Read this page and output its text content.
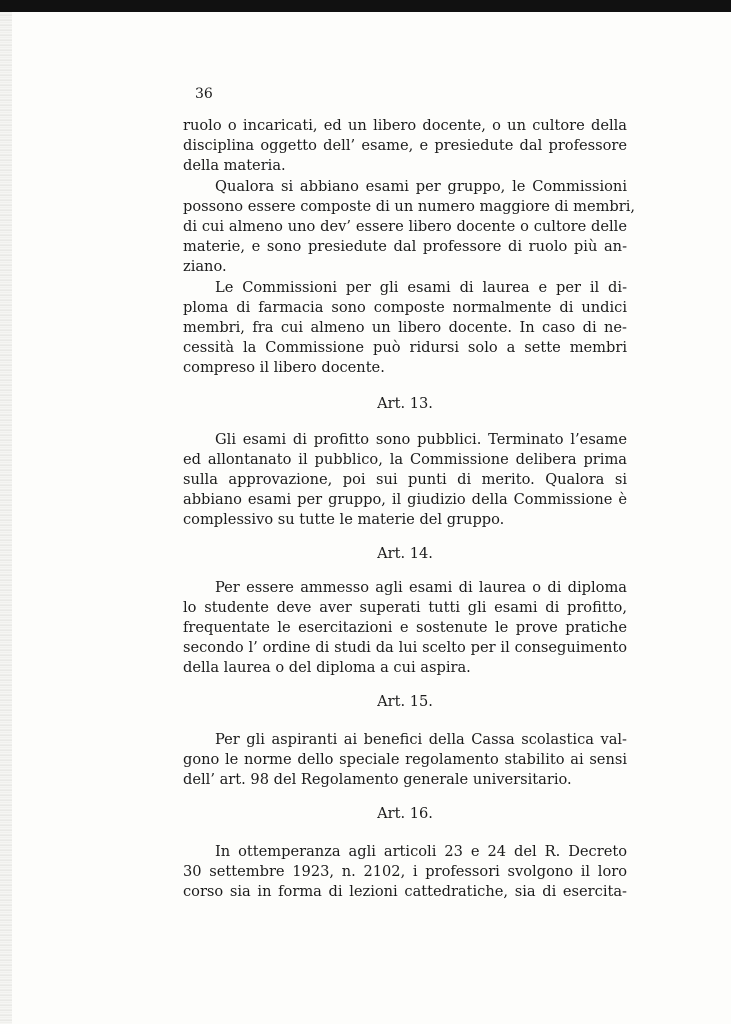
36
ruolo o incaricati, ed un libero docente, o un cultore della
disciplina oggetto dell’ esame, e presiedute dal professore
della materia.
Qualora si abbiano esami per gruppo, le Commissioni
possono essere composte di un numero maggiore di membri,
di cui almeno uno dev’ essere libero docente o cultore delle
materie, e sono presiedute dal professore di ruolo più an-
ziano.
Le Commissioni per gli esami di laurea e per il di-
ploma di farmacia sono composte normalmente di undici
membri, fra cui almeno un libero docente. In caso di ne-
cessità la Commissione può ridursi solo a sette membri
compreso il libero docente.
Art. 13.
Gli esami di profitto sono pubblici. Terminato l’esame
ed allontanato il pubblico, la Commissione delibera prima
sulla approvazione, poi sui punti di merito. Qualora si
abbiano esami per gruppo, il giudizio della Commissione è
complessivo su tutte le materie del gruppo.
Art. 14.
Per essere ammesso agli esami di laurea o di diploma
lo studente deve aver superati tutti gli esami di profitto,
frequentate le esercitazioni e sostenute le prove pratiche
secondo l’ ordine di studi da lui scelto per il conseguimento
della laurea o del diploma a cui aspira.
Art. 15.
Per gli aspiranti ai benefici della Cassa scolastica val-
gono le norme dello speciale regolamento stabilito ai sensi
dell’ art. 98 del Regolamento generale universitario.
Art. 16.
In ottemperanza agli articoli 23 e 24 del R. Decreto
30 settembre 1923, n. 2102, i professori svolgono il loro
corso sia in forma di lezioni cattedratiche, sia di esercita-
